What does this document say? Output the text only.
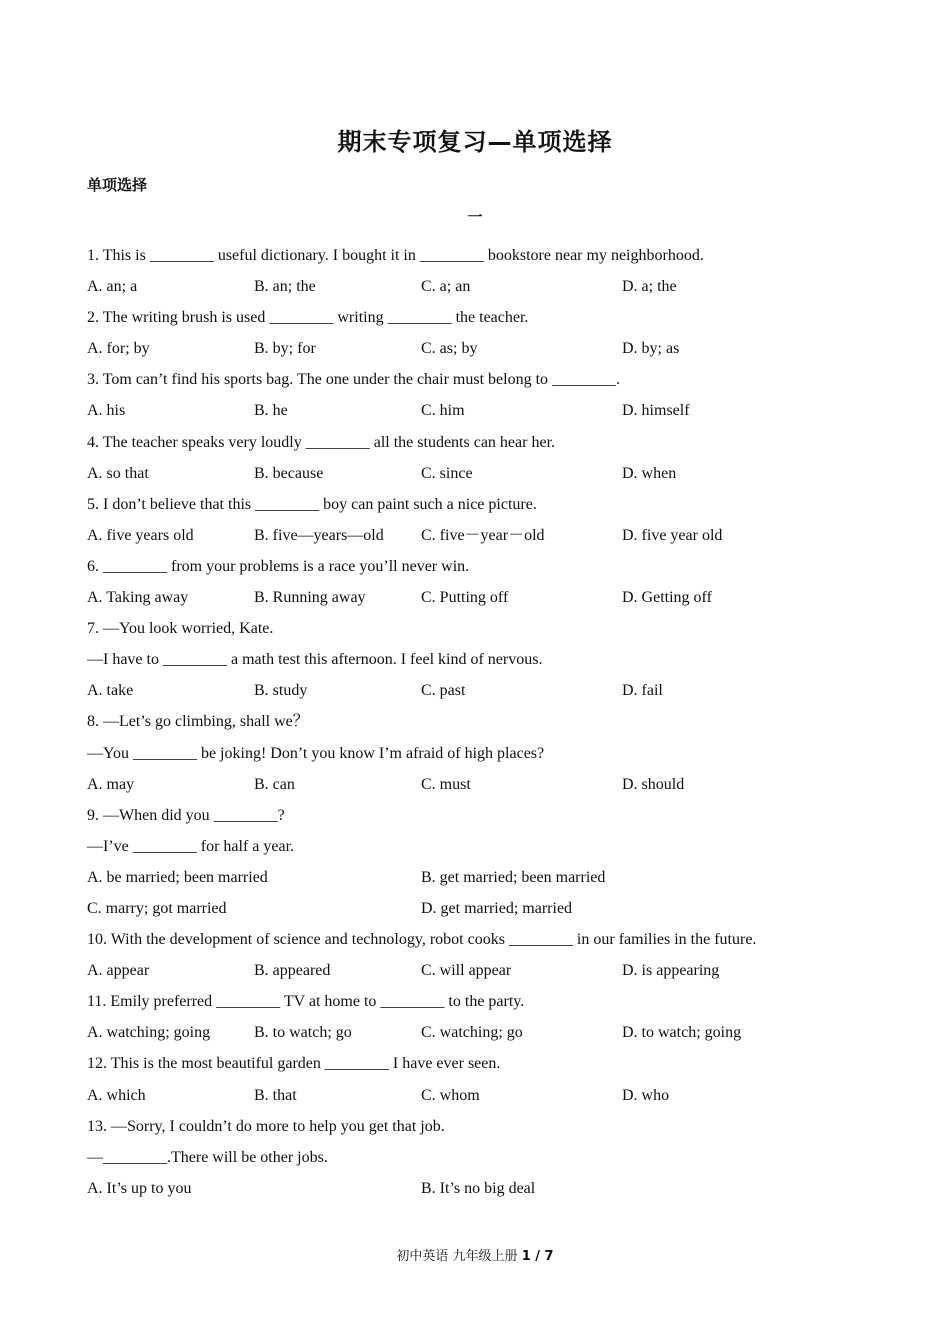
期末专项复习—单项选择
单项选择
一
1. This is ________ useful dictionary. I bought it in ________ bookstore near my neighborhood.
A. an; a	B. an; the	C. a; an	D. a; the
2. The writing brush is used ________ writing ________ the teacher.
A. for; by	B. by; for	C. as; by	D. by; as
3. Tom can’t find his sports bag. The one under the chair must belong to ________.
A. his	B. he	C. him	D. himself
4. The teacher speaks very loudly ________ all the students can hear her.
A. so that	B. because	C. since	D. when
5. I don’t believe that this ________ boy can paint such a nice picture.
A. five years old	B. five—years—old C. five－year－old	D. five year old
6. ________ from your problems is a race you’ll never win.
A. Taking away	B. Running away	C. Putting off	D. Getting off
7. —You look worried, Kate.
—I have to ________ a math test this afternoon. I feel kind of nervous.
A. take	B. study	C. past	D. fail
8. —Let’s go climbing, shall we？
—You ________ be joking! Don’t you know I’m afraid of high places?
A. may	B. can	C. must	D. should
9. —When did you ________?
—I’ve ________ for half a year.
A. be married; been married	B. get married; been married
C. marry; got married	D. get married; married
10. With the development of science and technology, robot cooks ________ in our families in the future.
A. appear	B. appeared	C. will appear	D. is appearing
11. Emily preferred ________ TV at home to ________ to the party.
A. watching; going	B. to watch; go	C. watching; go	D. to watch; going
12. This is the most beautiful garden ________ I have ever seen.
A. which	B. that	C. whom	D. who
13. —Sorry, I couldn’t do more to help you get that job.
—________.There will be other jobs.
A. It’s up to you	B. It’s no big deal
初中英语 九年级上册 1 / 7
